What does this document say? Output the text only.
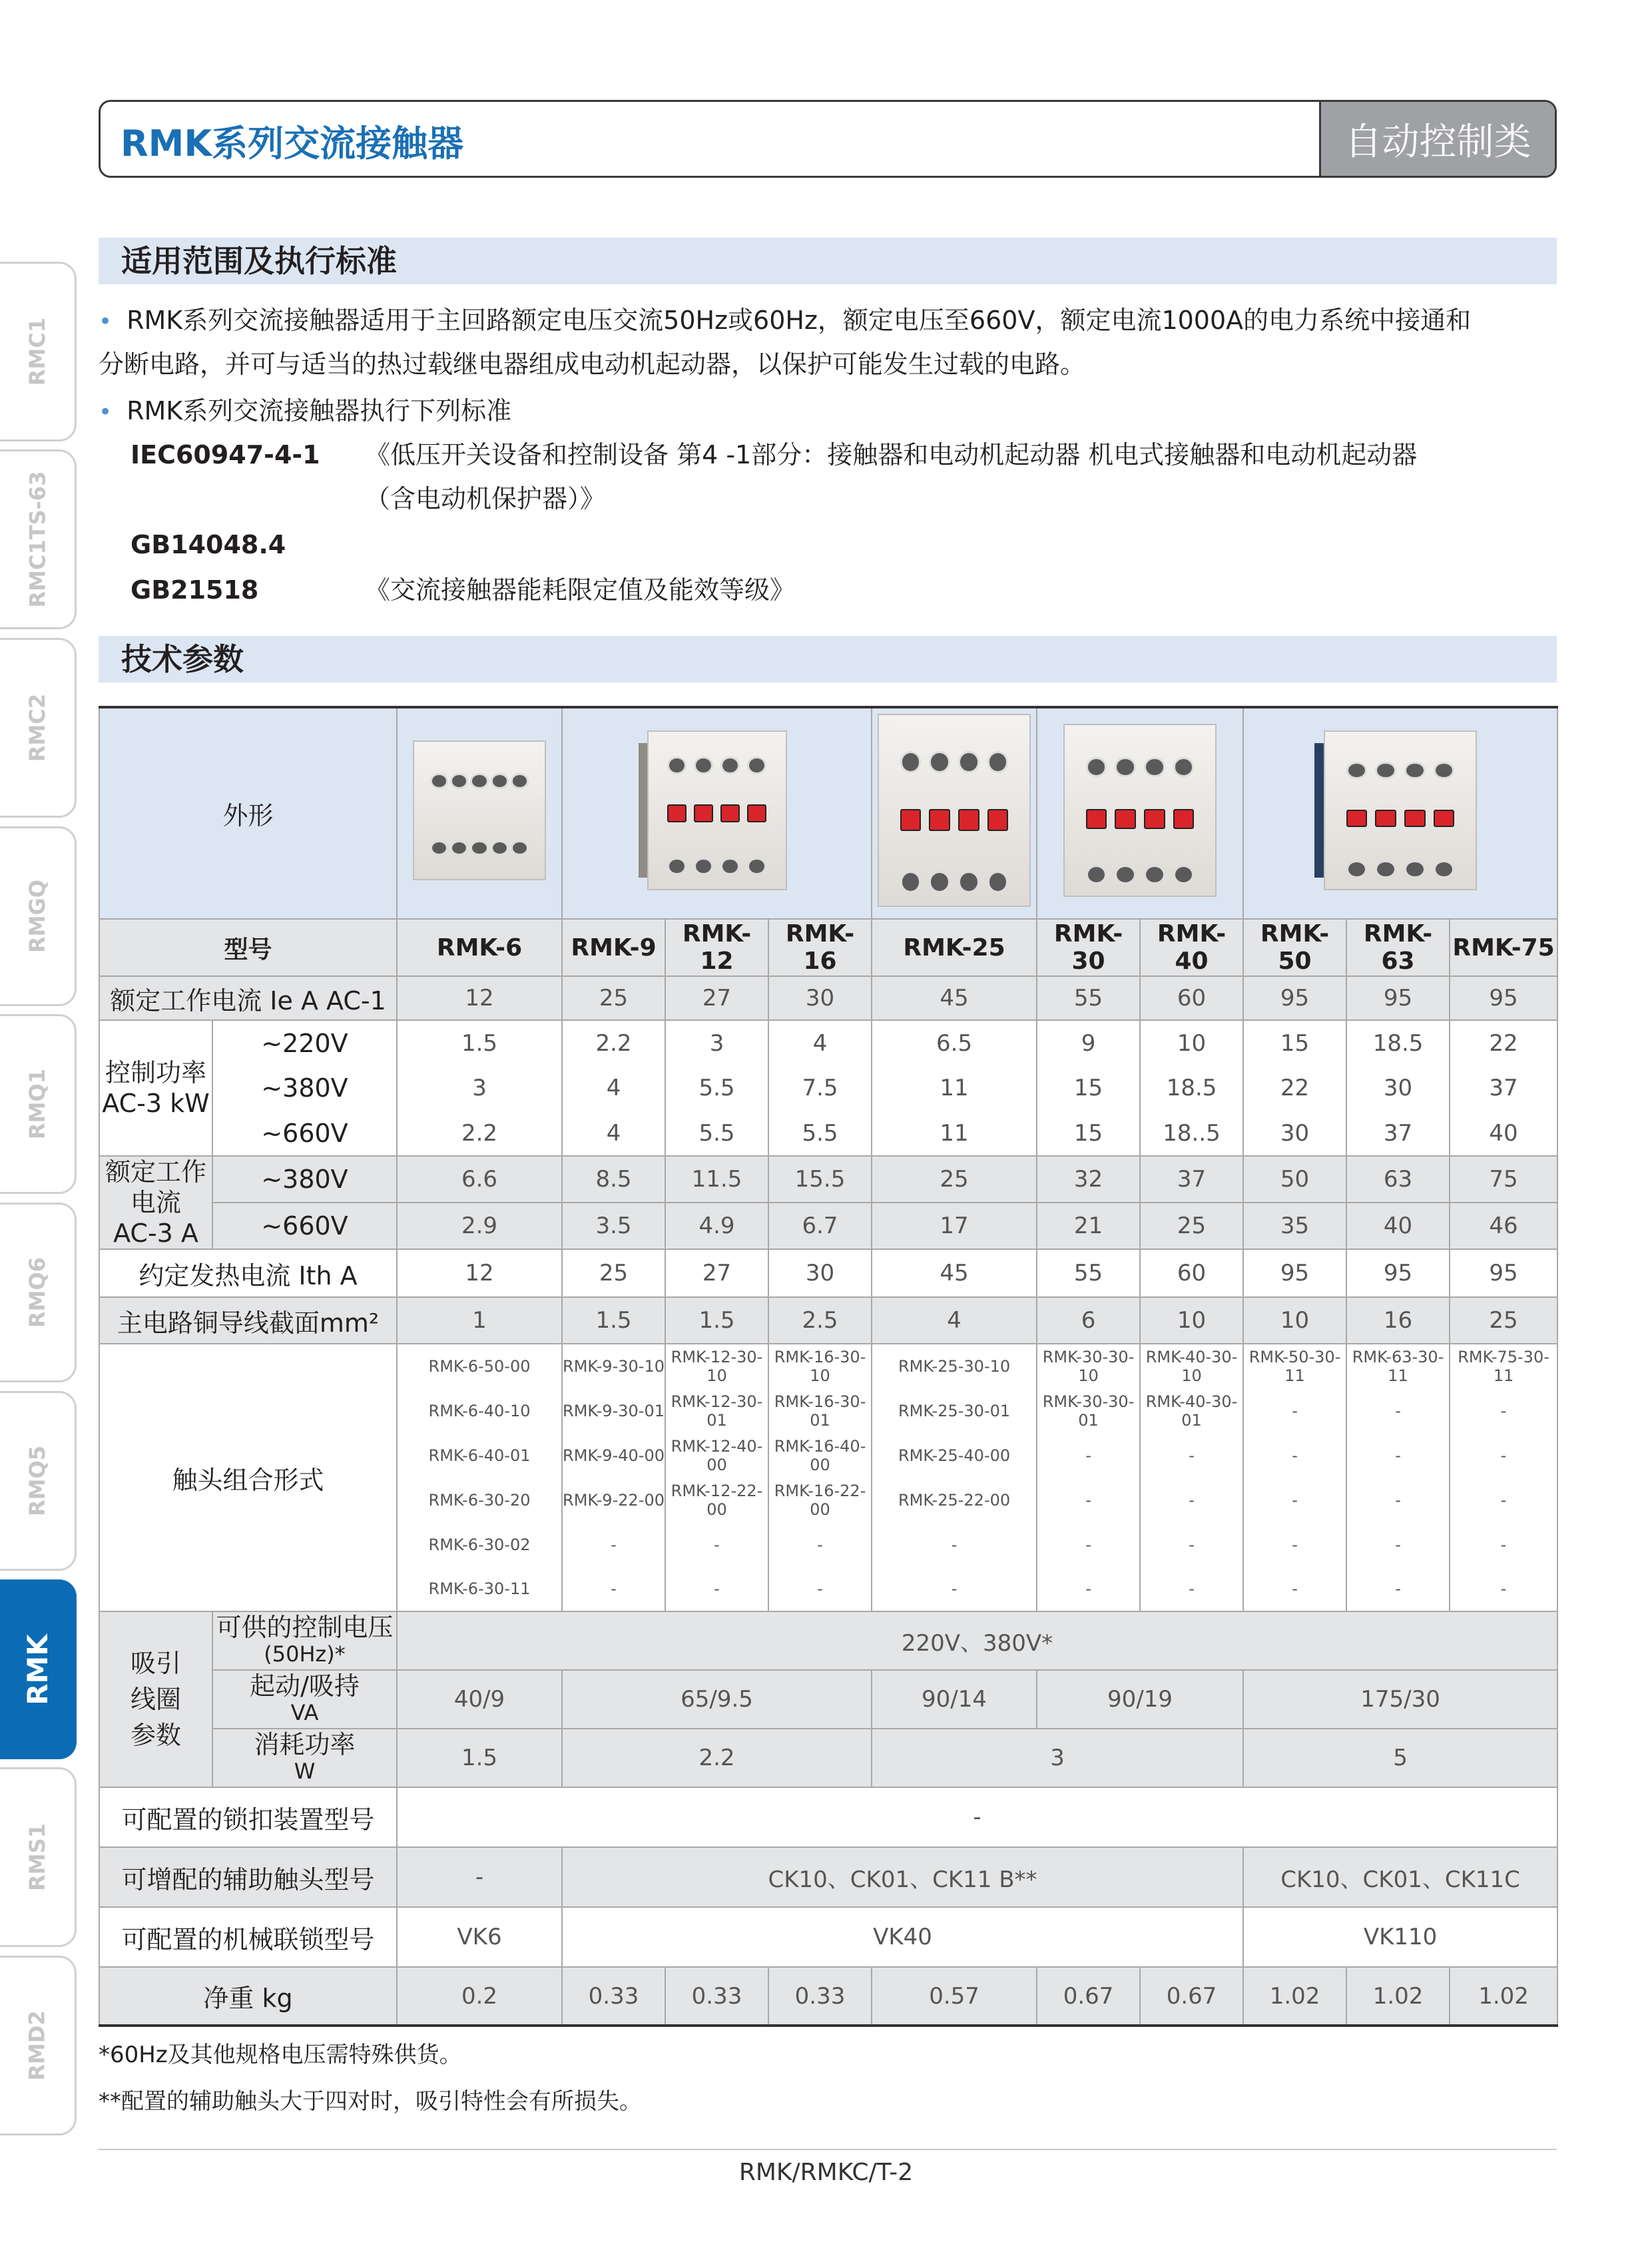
RMK系列交流接触器	自动控制类
RMC1
RMC1TS-63
RMC2
RMGQ
RMQ1
RMQ6
RMQ5
RMK
RMS1
RMD2
适用范围及执行标准
• RMK系列交流接触器适用于主回路额定电压交流50Hz或60Hz，额定电压至660V，额定电流1000A的电力系统中接通和
分断电路，并可与适当的热过载继电器组成电动机起动器，以保护可能发生过载的电路。
• RMK系列交流接触器执行下列标准
IEC60947-4-1 《低压开关设备和控制设备 第4 -1部分：接触器和电动机起动器 机电式接触器和电动机起动器
（含电动机保护器）》
GB14048.4
GB21518	《交流接触器能耗限定值及能效等级》
技术参数
外形							

型号		RMK-6	RMK-9	RMK-12	RMK-16	RMK-25	RMK-30	RMK-40	RMK-50	RMK-63	RMK-75
额定工作电流 Ie A AC-1		12	25	27	30	45	55	60	95	95	95
控制功率
AC-3 kW	~220V	1.5	2.2	3	4	6.5	9	10	15	18.5	22
	~380V	3	4	5.5	7.5	11	15	18.5	22	30	37
	~660V	2.2	4	5.5	5.5	11	15	18..5	30	37	40
额定工作
电流
AC-3 A	~380V	6.6	8.5	11.5	15.5	25	32	37	50	63	75
	~660V	2.9	3.5	4.9	6.7	17	21	25	35	40	46
约定发热电流 Ith A		12	25	27	30	45	55	60	95	95	95
主电路铜导线截面mm²		1	1.5	1.5	2.5	4	6	10	10	16	25
触头组合形式		RMK-6-50-00	RMK-9-30-10	RMK-12-30-10	RMK-16-30-10	RMK-25-30-10	RMK-30-30-10	RMK-40-30-10	RMK-50-30-11	RMK-63-30-11	RMK-75-30-11
		RMK-6-40-10	RMK-9-30-01	RMK-12-30-01	RMK-16-30-01	RMK-25-30-01	RMK-30-30-01	RMK-40-30-01	-	-	-
		RMK-6-40-01	RMK-9-40-00	RMK-12-40-00	RMK-16-40-00	RMK-25-40-00	-	-	-	-	-
		RMK-6-30-20	RMK-9-22-00	RMK-12-22-00	RMK-16-22-00	RMK-25-22-00	-	-	-	-	-
		RMK-6-30-02	-	-	-	-	-	-	-	-	-
		RMK-6-30-11	-	-	-	-	-	-	-	-	-
吸引
线圈
参数	可供的控制电压
(50Hz)*	220V、380V*									
	起动/吸持
VA	40/9	65/9.5			90/14	90/19		175/30		
	消耗功率
W	1.5	2.2			3			5		
可配置的锁扣装置型号		-									
可增配的辅助触头型号		-	CK10、CK01、CK11 B**						CK10、CK01、CK11C		
可配置的机械联锁型号		VK6	VK40						VK110		
净重 kg		0.2	0.33	0.33	0.33	0.57	0.67	0.67	1.02	1.02	1.02
*60Hz及其他规格电压需特殊供货。
**配置的辅助触头大于四对时，吸引特性会有所损失。
RMK/RMKC/T-2
